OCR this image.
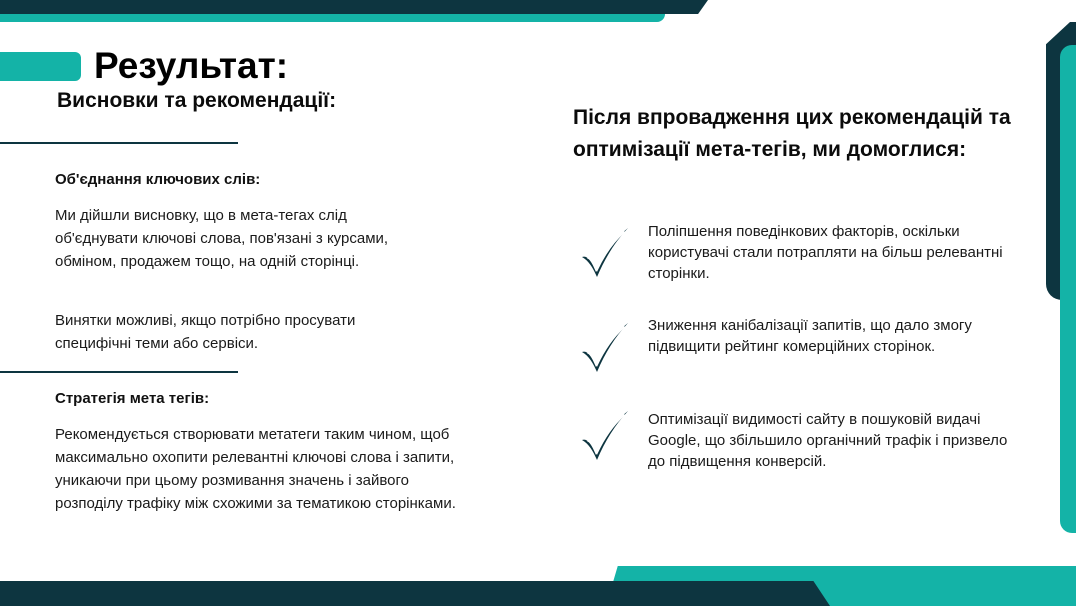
Результат:
Висновки та рекомендації:
Об'єднання ключових слів:
Ми дійшли висновку, що в мета-тегах слід об'єднувати ключові слова, пов'язані з курсами, обміном, продажем тощо, на одній сторінці.
Винятки можливі, якщо потрібно просувати специфічні теми або сервіси.
Стратегія мета тегів:
Рекомендується створювати метатеги таким чином, щоб максимально охопити релевантні ключові слова і запити, уникаючи при цьому розмивання значень і зайвого розподілу трафіку між схожими за тематикою сторінками.
Після впровадження цих рекомендацій та оптимізації мета-тегів, ми домоглися:
Поліпшення поведінкових факторів, оскільки користувачі стали потрапляти на більш релевантні сторінки.
Зниження канібалізації запитів, що дало змогу підвищити рейтинг комерційних сторінок.
Оптимізації видимості сайту в пошуковій видачі Google, що збільшило органічний трафік і призвело до підвищення конверсій.
